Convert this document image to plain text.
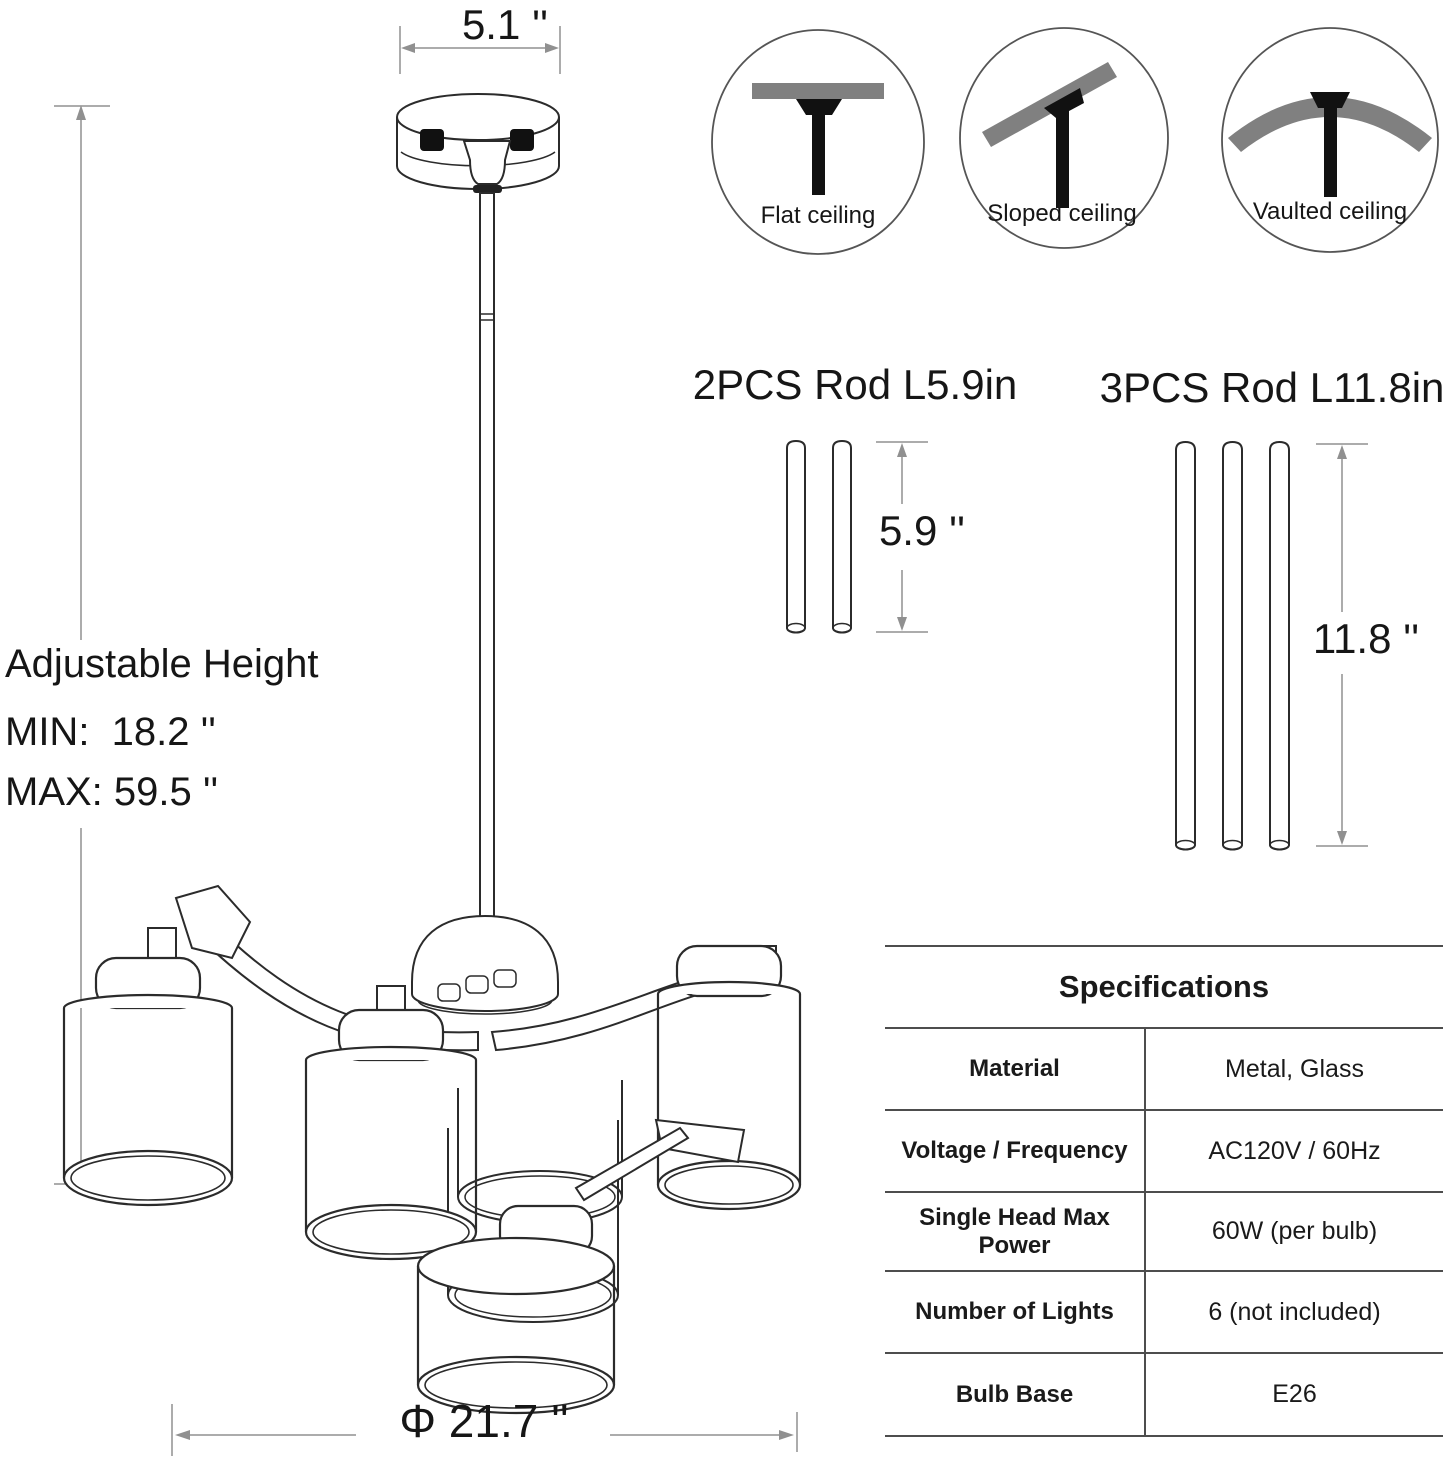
5.1 ''
Adjustable Height
MIN:  18.2 ''
MAX: 59.5 ''
Flat ceiling	Sloped ceiling	Vaulted ceiling
2PCS Rod L5.9in
5.9 ''
3PCS Rod L11.8in
11.8 ''
Φ 21.7 ''
Specifications
Material	Metal, Glass
Voltage / Frequency	AC120V / 60Hz
Single Head Max Power	60W (per bulb)
Number of Lights	6 (not included)
Bulb Base	E26
